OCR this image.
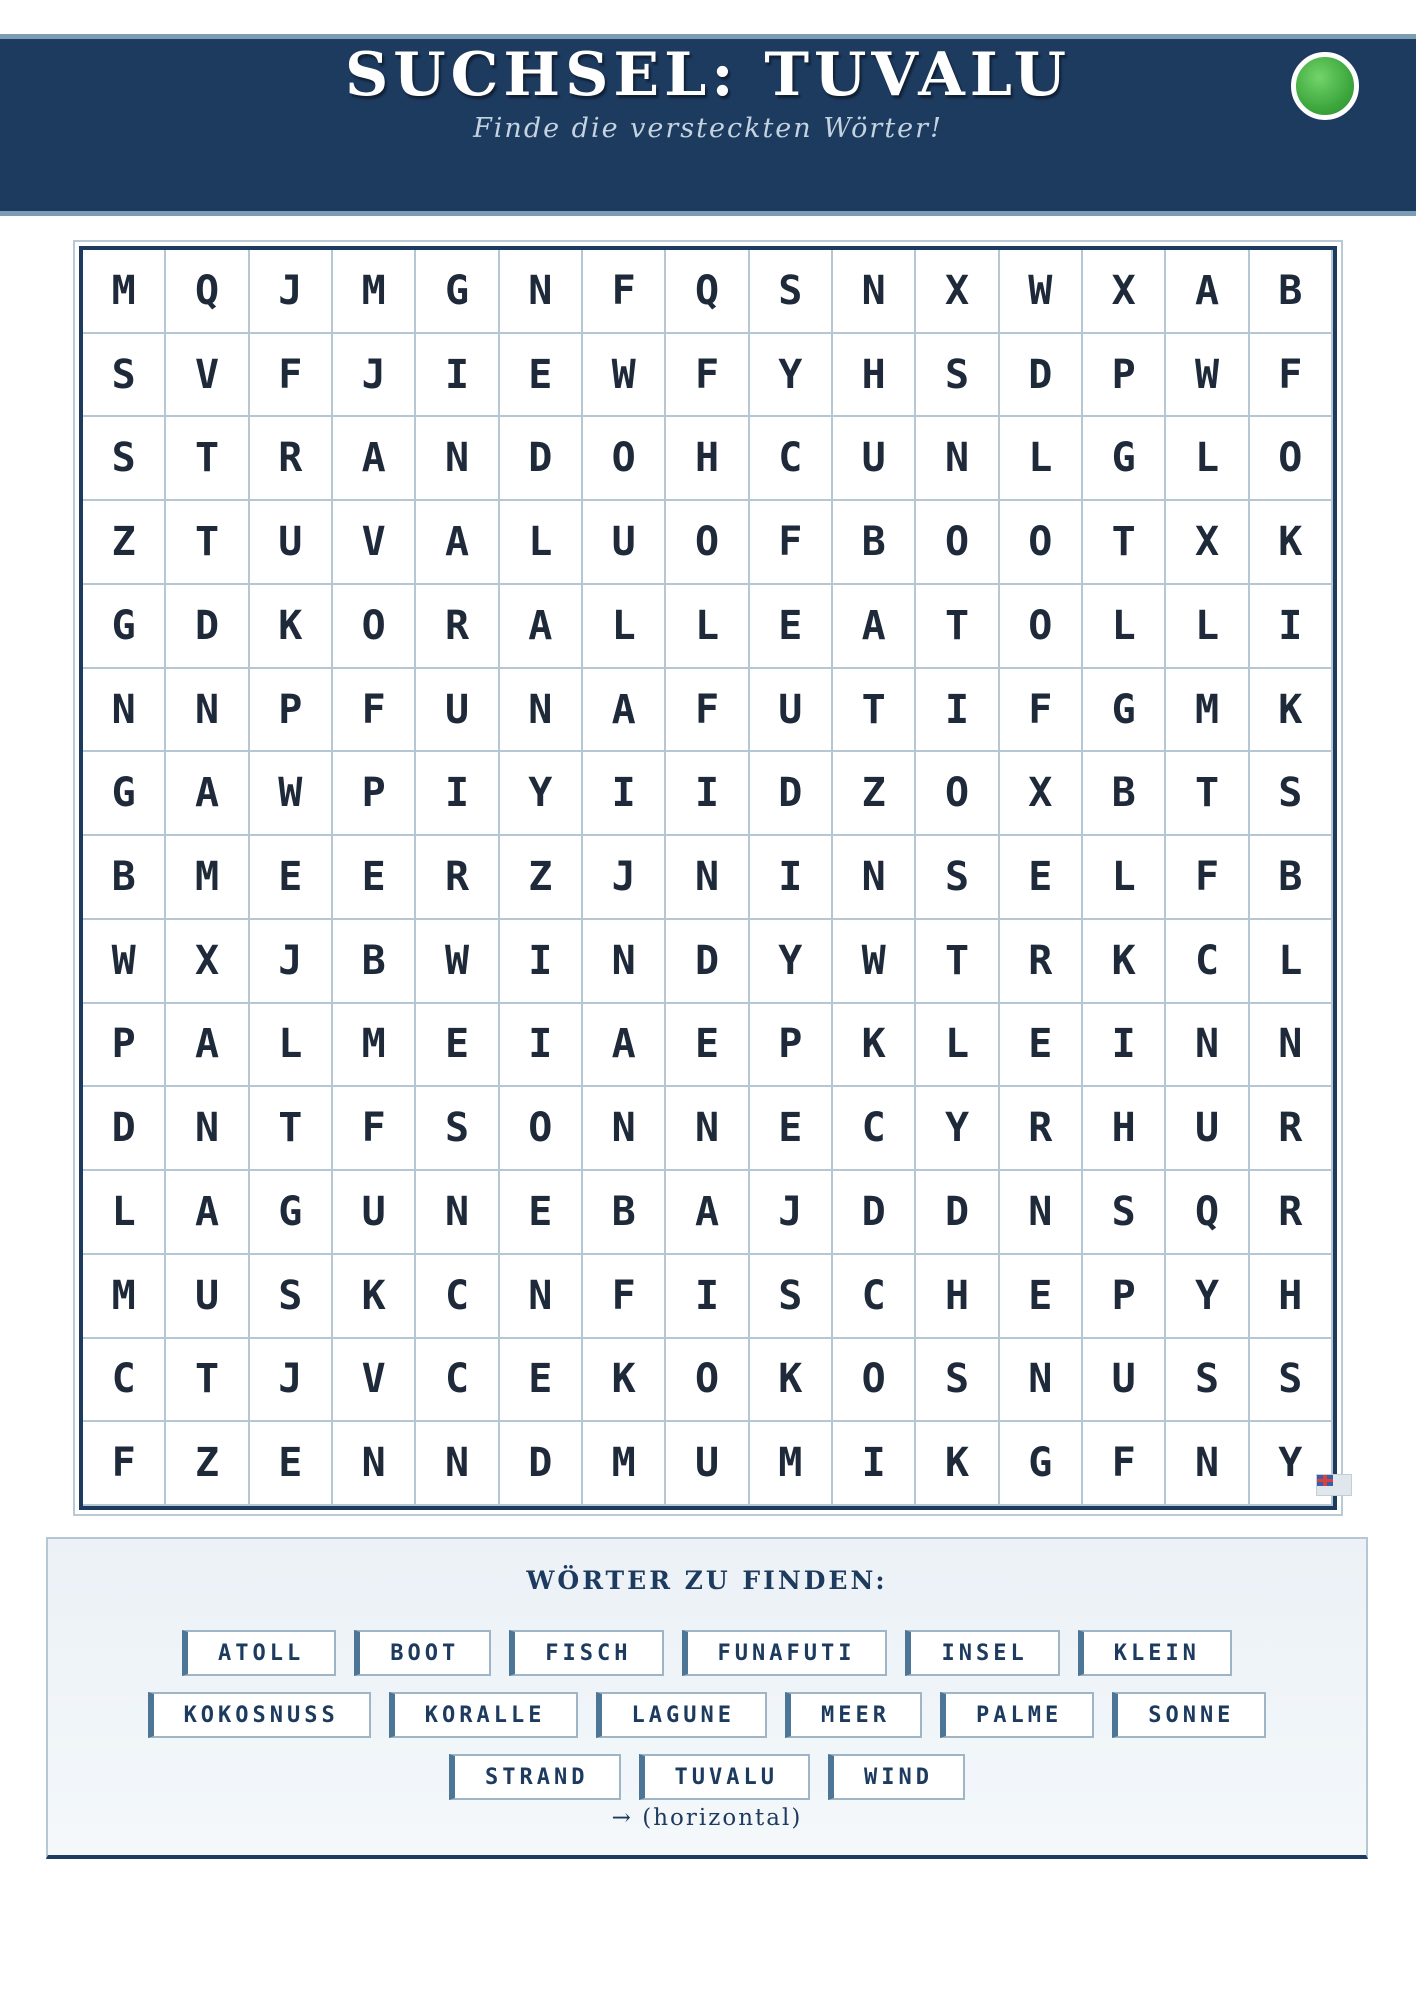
SUCHSEL: TUVALU
Finde die versteckten Wörter!
M	Q	J	M	G	N	F	Q	S	N	X	W	X	A	B
S	V	F	J	I	E	W	F	Y	H	S	D	P	W	F
S	T	R	A	N	D	O	H	C	U	N	L	G	L	O
Z	T	U	V	A	L	U	O	F	B	O	O	T	X	K
G	D	K	O	R	A	L	L	E	A	T	O	L	L	I
N	N	P	F	U	N	A	F	U	T	I	F	G	M	K
G	A	W	P	I	Y	I	I	D	Z	O	X	B	T	S
B	M	E	E	R	Z	J	N	I	N	S	E	L	F	B
W	X	J	B	W	I	N	D	Y	W	T	R	K	C	L
P	A	L	M	E	I	A	E	P	K	L	E	I	N	N
D	N	T	F	S	O	N	N	E	C	Y	R	H	U	R
L	A	G	U	N	E	B	A	J	D	D	N	S	Q	R
M	U	S	K	C	N	F	I	S	C	H	E	P	Y	H
C	T	J	V	C	E	K	O	K	O	S	N	U	S	S
F	Z	E	N	N	D	M	U	M	I	K	G	F	N	Y
WÖRTER ZU FINDEN:
ATOLL	BOOT	FISCH	FUNAFUTI	INSEL	KLEIN
KOKOSNUSS	KORALLE	LAGUNE	MEER	PALME	SONNE
STRAND	TUVALU	WIND
→ (horizontal)
